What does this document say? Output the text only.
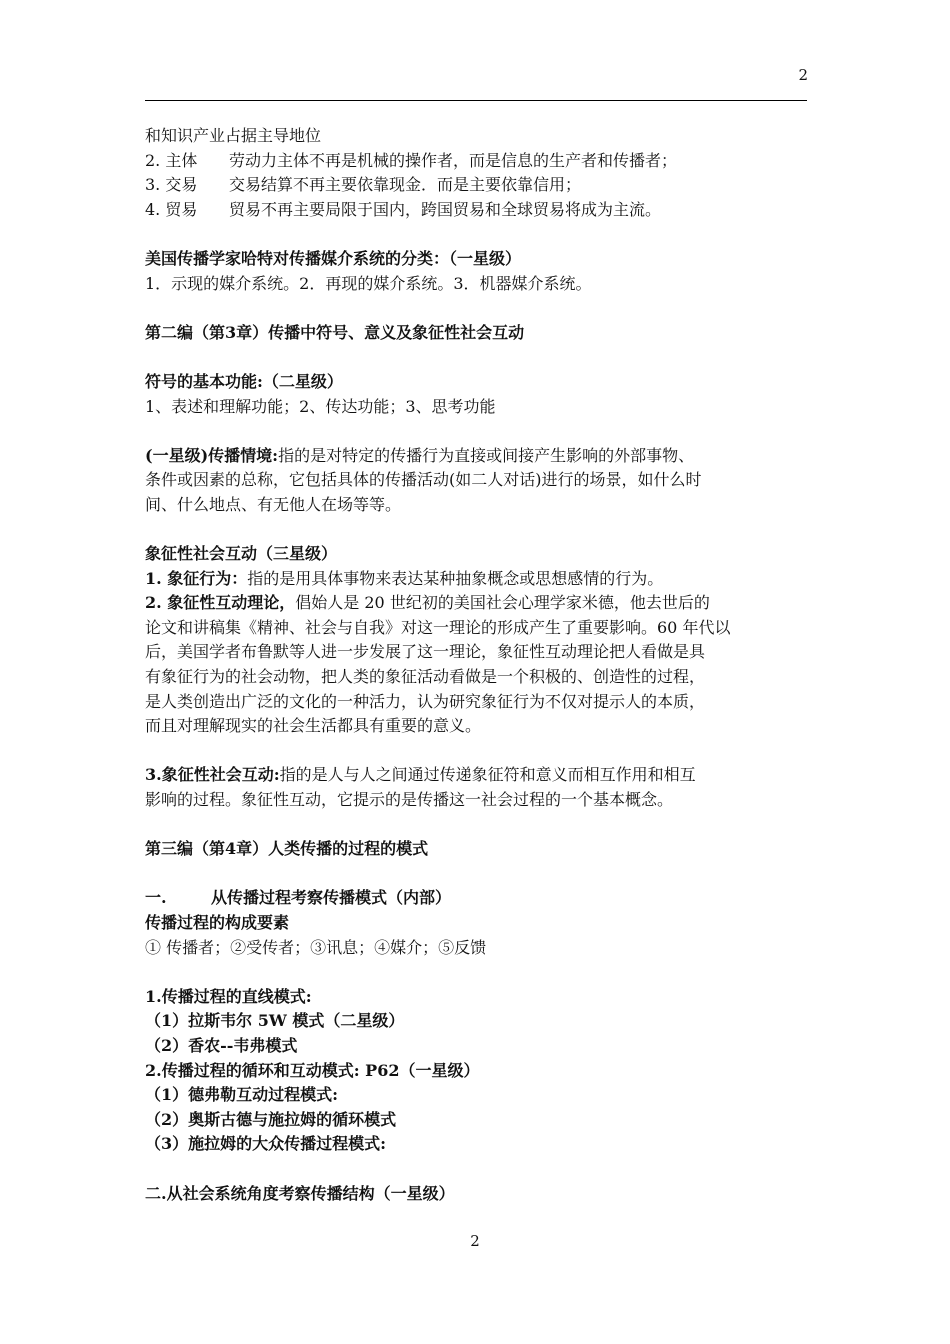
2
和知识产业占据主导地位
2. 主体 劳动力主体不再是机械的操作者，而是信息的生产者和传播者；
3. 交易 交易结算不再主要依靠现金．而是主要依靠信用；
4. 贸易 贸易不再主要局限于国内，跨国贸易和全球贸易将成为主流。
美国传播学家哈特对传播媒介系统的分类：（一星级）
1．示现的媒介系统。2．再现的媒介系统。3．机器媒介系统。
第二编（第3章）传播中符号、意义及象征性社会互动
符号的基本功能:（二星级）
1、表述和理解功能；2、传达功能；3、思考功能
(一星级)传播情境:指的是对特定的传播行为直接或间接产生影响的外部事物、
条件或因素的总称，它包括具体的传播活动(如二人对话)进行的场景，如什么时
间、什么地点、有无他人在场等等。
象征性社会互动（三星级）
1. 象征行为：指的是用具体事物来表达某种抽象概念或思想感情的行为。
2. 象征性互动理论，倡始人是 20 世纪初的美国社会心理学家米德，他去世后的
论文和讲稿集《精神、社会与自我》对这一理论的形成产生了重要影响。60 年代以
后，美国学者布鲁默等人进一步发展了这一理论，象征性互动理论把人看做是具
有象征行为的社会动物，把人类的象征活动看做是一个积极的、创造性的过程，
是人类创造出广泛的文化的一种活力，认为研究象征行为不仅对提示人的本质，
而且对理解现实的社会生活都具有重要的意义。
3.象征性社会互动:指的是人与人之间通过传递象征符和意义而相互作用和相互
影响的过程。象征性互动，它提示的是传播这一社会过程的一个基本概念。
第三编（第4章）人类传播的过程的模式
一.	从传播过程考察传播模式（内部）
传播过程的构成要素
① 传播者；②受传者；③讯息；④媒介；⑤反馈
1.传播过程的直线模式:
（1）拉斯韦尔 5W 模式（二星级）
（2）香农--韦弗模式
2.传播过程的循环和互动模式: P62（一星级）
（1）德弗勒互动过程模式:
（2）奥斯古德与施拉姆的循环模式
（3）施拉姆的大众传播过程模式:
二.从社会系统角度考察传播结构（一星级）
2
